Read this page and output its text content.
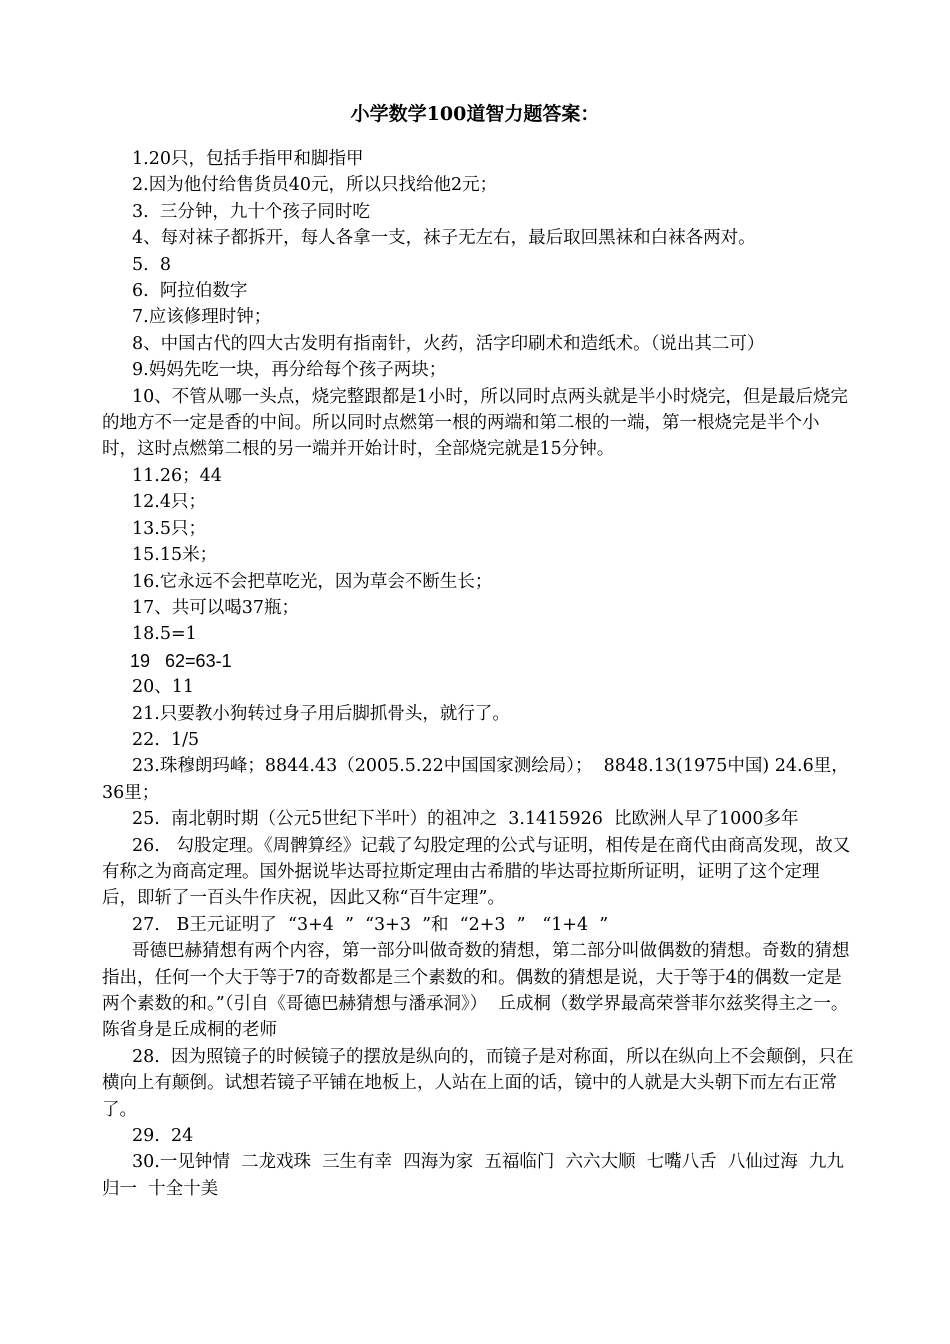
小学数学100道智力题答案：

1.20只，包括手指甲和脚指甲

2.因为他付给售货员40元，所以只找给他2元；

3.  三分钟，九十个孩子同时吃

4、每对袜子都拆开，每人各拿一支，袜子无左右，最后取回黑袜和白袜各两对。

5.  8

6.  阿拉伯数字

7.应该修理时钟；

8、中国古代的四大古发明有指南针，火药，活字印刷术和造纸术。（说出其二可）

9.妈妈先吃一块，再分给每个孩子两块；

10、不管从哪一头点，烧完整跟都是1小时，所以同时点两头就是半小时烧完，但是最后烧完的地方不一定是香的中间。所以同时点燃第一根的两端和第二根的一端，第一根烧完是半个小时，这时点燃第二根的另一端并开始计时，全部烧完就是15分钟。

11.26；44

12.4只；

13.5只；

15.15米；

16.它永远不会把草吃光，因为草会不断生长；

17、共可以喝37瓶；

18.5=1

19   62=63-1

20、11

21.只要教小狗转过身子用后脚抓骨头，就行了。

22.  1/5

23.珠穆朗玛峰；8844.43（2005.5.22中国国家测绘局）；  8848.13(1975中国) 24.6里，36里；

25.  南北朝时期（公元5世纪下半叶）的祖冲之  3.1415926  比欧洲人早了1000多年

26.   勾股定理。《周髀算经》记载了勾股定理的公式与证明，相传是在商代由商高发现，故又有称之为商高定理。国外据说毕达哥拉斯定理由古希腊的毕达哥拉斯所证明，证明了这个定理后，即斩了一百头牛作庆祝，因此又称“百牛定理”。

27.   B王元证明了  “3+4  ”  “3+3  ”和  “2+3  ”   “1+4  ”

哥德巴赫猜想有两个内容，第一部分叫做奇数的猜想，第二部分叫做偶数的猜想。奇数的猜想指出，任何一个大于等于7的奇数都是三个素数的和。偶数的猜想是说，大于等于4的偶数一定是两个素数的和。”（引自《哥德巴赫猜想与潘承洞》）  丘成桐（数学界最高荣誉菲尔兹奖得主之一。陈省身是丘成桐的老师

28.  因为照镜子的时候镜子的摆放是纵向的，而镜子是对称面，所以在纵向上不会颠倒，只在横向上有颠倒。试想若镜子平铺在地板上，人站在上面的话，镜中的人就是大头朝下而左右正常了。

29.  24

30.一见钟情  二龙戏珠  三生有幸  四海为家  五福临门  六六大顺  七嘴八舌  八仙过海  九九归一  十全十美
